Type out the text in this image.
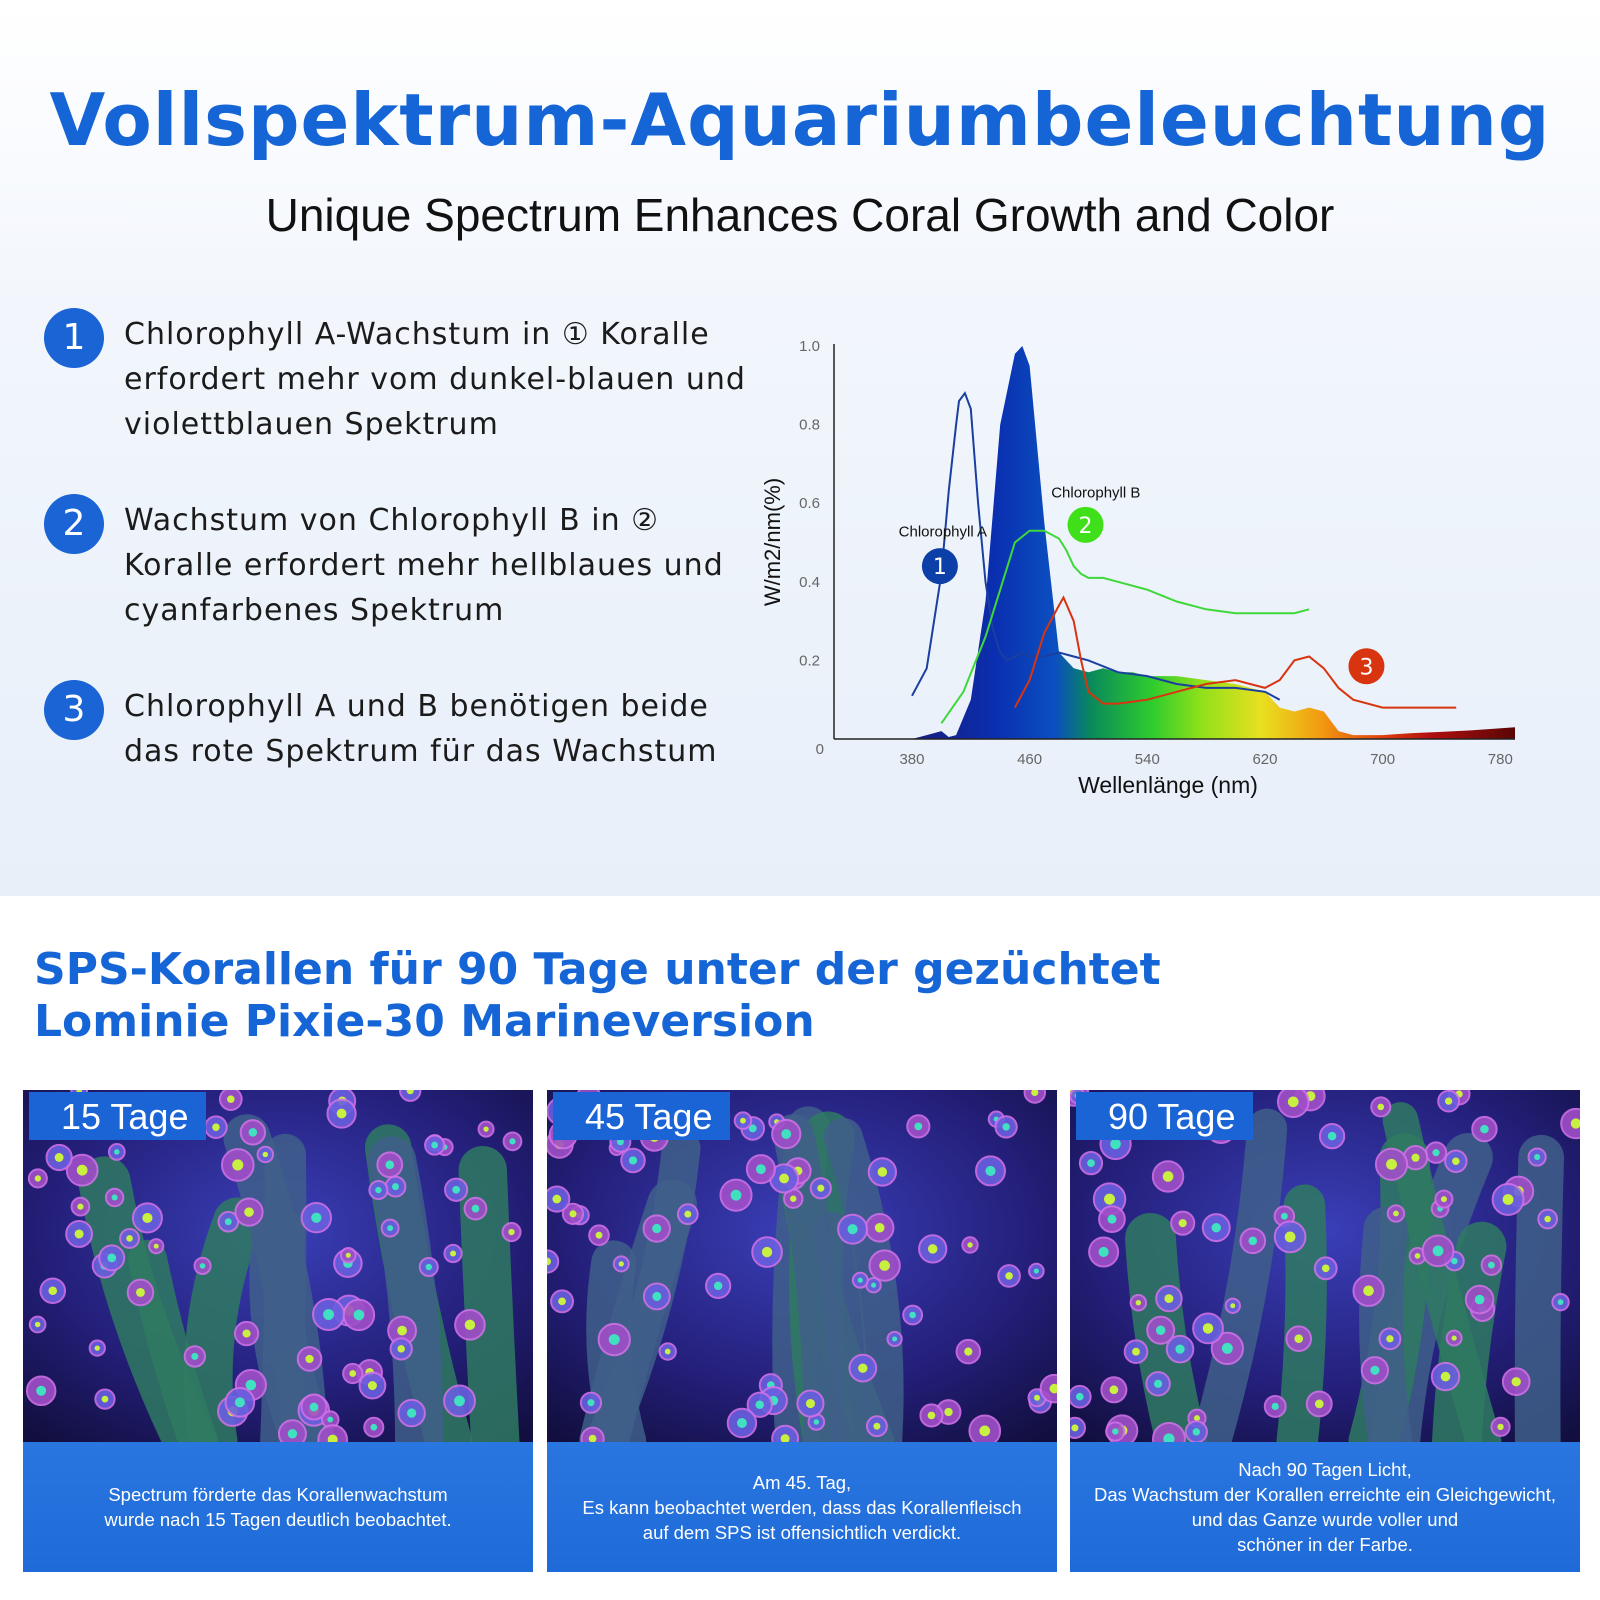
Vollspektrum-Aquariumbeleuchtung
Unique Spectrum Enhances Coral Growth and Color
1	Chlorophyll A-Wachstum in ① Koralle erfordert mehr vom dunkel-blauen und violettblauen Spektrum
2	Wachstum von Chlorophyll B in ② Koralle erfordert mehr hellblaues und cyanfarbenes Spektrum
3	Chlorophyll A und B benötigen beide das rote Spektrum für das Wachstum	380	460	540	620	700	780
0
0.2
0.4
0.6
0.8
1.0
Chlorophyll A
1
Chlorophyll B
2
3
Wellenlänge (nm)
W/m2/nm(%)
SPS-Korallen für 90 Tage unter der gezüchtet
Lominie Pixie-30 Marineversion
15 Tage
Spectrum förderte das Korallenwachstum
wurde nach 15 Tagen deutlich beobachtet.
45 Tage
Am 45. Tag,
Es kann beobachtet werden, dass das Korallenfleisch
auf dem SPS ist offensichtlich verdickt.
90 Tage
Nach 90 Tagen Licht,
Das Wachstum der Korallen erreichte ein Gleichgewicht,
und das Ganze wurde voller und
schöner in der Farbe.
